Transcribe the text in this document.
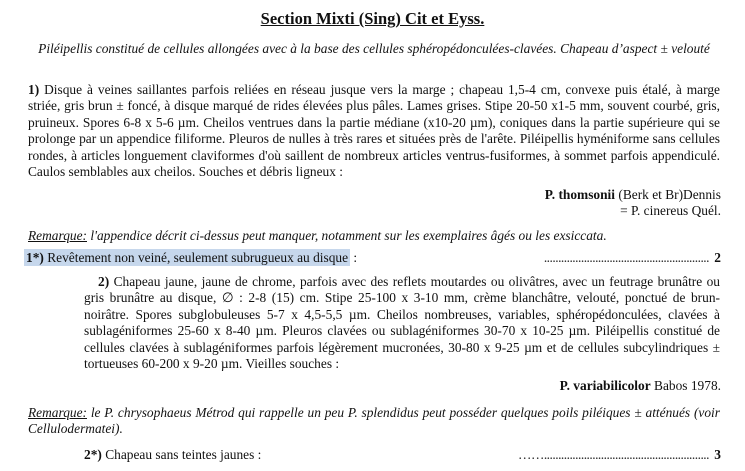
Section Mixti (Sing) Cit et Eyss.
Piléipellis constitué de cellules allongées avec à la base des cellules sphéropédonculées-clavées. Chapeau d’aspect ± velouté
1) Disque à veines saillantes parfois reliées en réseau jusque vers la marge ; chapeau 1,5-4 cm, convexe puis étalé, à marge striée, gris brun ± foncé, à disque marqué de rides élevées plus pâles. Lames grises. Stipe 20-50 x1-5 mm, souvent courbé, gris, pruineux. Spores 6-8 x 5-6 µm. Cheilos ventrues dans la partie médiane (x10-20 µm), coniques dans la partie supérieure qui se prolonge par un appendice filiforme. Pleuros de nulles à très rares et situées près de l'arête. Piléipellis hyméniforme sans cellules rondes, à articles longuement claviformes d'où saillent de nombreux articles ventrus-fusiformes, à sommet parfois appendiculé. Caulos semblables aux cheilos. Souches et débris ligneux :
P. thomsonii (Berk et Br)Dennis
= P. cinereus Quél.
Remarque: l'appendice décrit ci-dessus peut manquer, notamment sur les exemplaires âgés ou les exsiccata.
1*) Revêtement non veiné, seulement subrugueux au disque :	.......................................................... 2
2) Chapeau jaune, jaune de chrome, parfois avec des reflets moutardes ou olivâtres, avec un feutrage brunâtre ou gris brunâtre au disque, ∅ : 2-8 (15) cm. Stipe 25-100 x 3-10 mm, crème blanchâtre, velouté, ponctué de brun-noirâtre. Spores subglobuleuses 5-7 x 4,5-5,5 µm. Cheilos nombreuses, variables, sphéropédonculées, clavées à sublagéniformes 25-60 x 8-40 µm. Pleuros clavées ou sublagéniformes 30-70 x 10-25 µm. Piléipellis constitué de cellules clavées à sublagéniformes parfois légèrement mucronées, 30-80 x 9-25 µm et de cellules subcylindriques ± tortueuses 60-200 x 9-20 µm. Vieilles souches :
P. variabilicolor Babos 1978.
Remarque: le P. chrysophaeus Métrod qui rappelle un peu P. splendidus peut posséder quelques poils piléiques ± atténués (voir Cellulodermatei).
2*) Chapeau sans teintes jaunes :	…….......................................................... 3
